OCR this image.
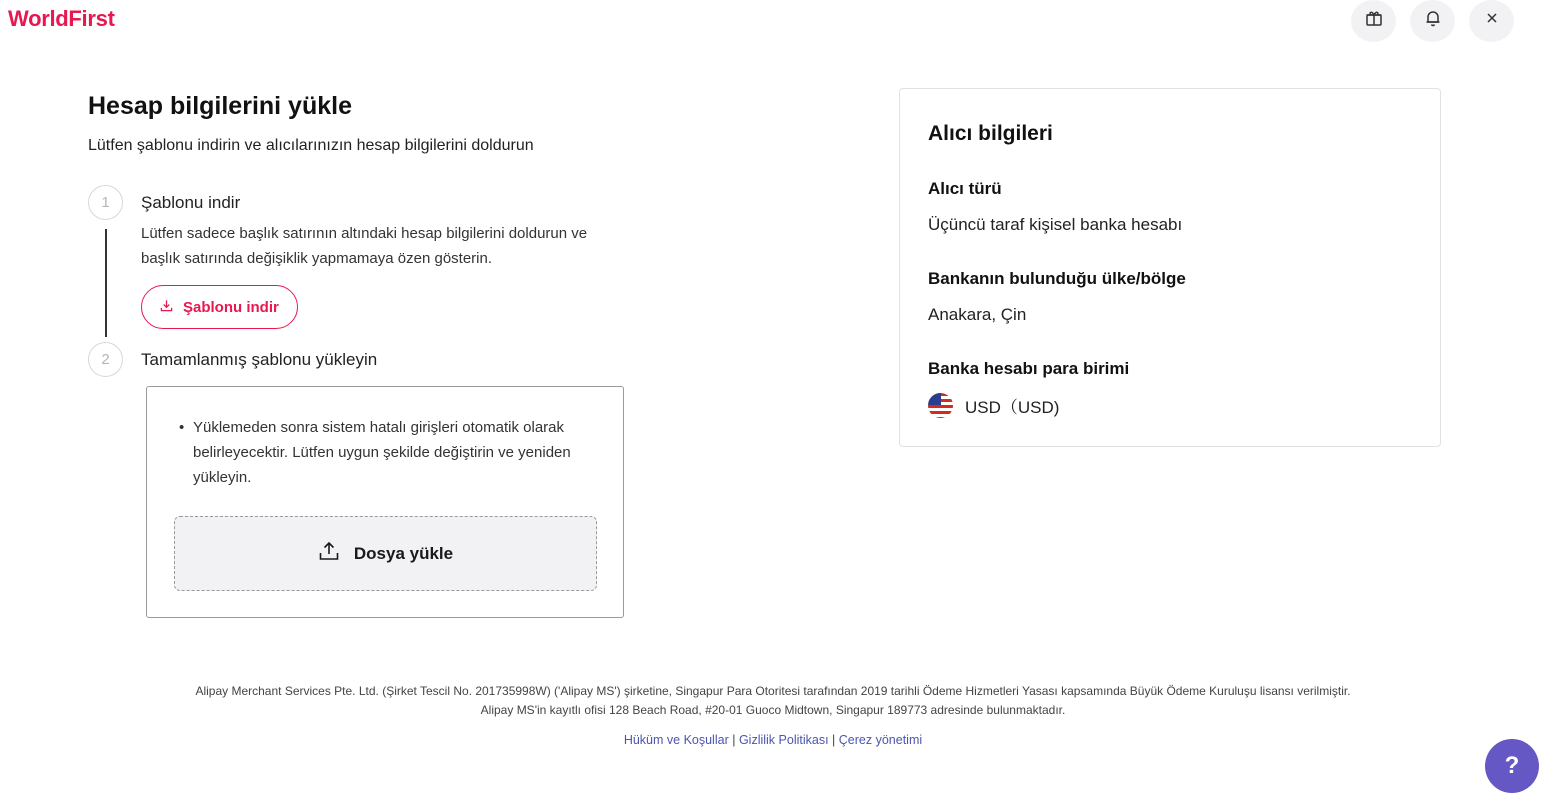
WorldFirst
Hesap bilgilerini yükle

Lütfen şablonu indirin ve alıcılarınızın hesap bilgilerini doldurun

1	Şablonu indir
Lütfen sadece başlık satırının altındaki hesap bilgilerini doldurun ve başlık satırında değişiklik yapmamaya özen gösterin.
Şablonu indir
2	Tamamlanmış şablonu yükleyin
• Yüklemeden sonra sistem hatalı girişleri otomatik olarak belirleyecektir. Lütfen uygun şekilde değiştirin ve yeniden yükleyin.
Dosya yükle
Alıcı bilgileri
Alıcı türü
Üçüncü taraf kişisel banka hesabı
Bankanın bulunduğu ülke/bölge
Anakara, Çin
Banka hesabı para birimi
USD（USD)
Alipay Merchant Services Pte. Ltd. (Şirket Tescil No. 201735998W) ('Alipay MS') şirketine, Singapur Para Otoritesi tarafından 2019 tarihli Ödeme Hizmetleri Yasası kapsamında Büyük Ödeme Kuruluşu lisansı verilmiştir.
Alipay MS'in kayıtlı ofisi 128 Beach Road, #20-01 Guoco Midtown, Singapur 189773 adresinde bulunmaktadır.
Hüküm ve Koşullar | Gizlilik Politikası | Çerez yönetimi
?
